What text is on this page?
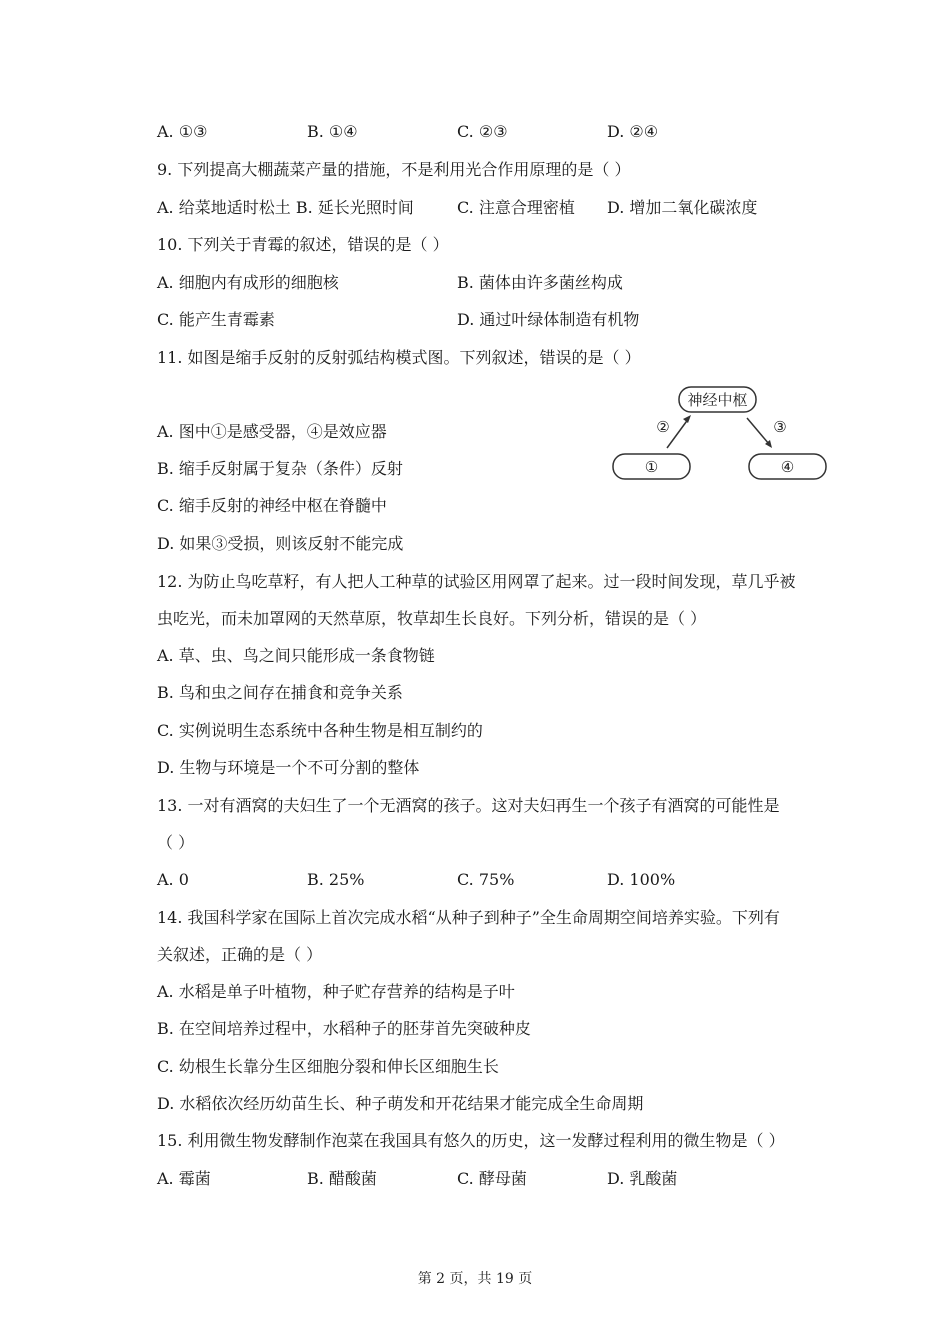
A. ①③	B. ①④	C. ②③	D. ②④
9. 下列提高大棚蔬菜产量的措施，不是利用光合作用原理的是（ ）
A. 给菜地适时松土 B. 延长光照时间	C. 注意合理密植 D. 增加二氧化碳浓度
10. 下列关于青霉的叙述，错误的是（ ）
A. 细胞内有成形的细胞核	B. 菌体由许多菌丝构成
C. 能产生青霉素	D. 通过叶绿体制造有机物
11. 如图是缩手反射的反射弧结构模式图。下列叙述，错误的是（ ）
A. 图中①是感受器，④是效应器
B. 缩手反射属于复杂（条件）反射
C. 缩手反射的神经中枢在脊髓中
D. 如果③受损，则该反射不能完成
神经中枢
①	④
②	③
12. 为防止鸟吃草籽，有人把人工种草的试验区用网罩了起来。过一段时间发现，草几乎被
虫吃光，而未加罩网的天然草原，牧草却生长良好。下列分析，错误的是（ ）
A. 草、虫、鸟之间只能形成一条食物链
B. 鸟和虫之间存在捕食和竞争关系
C. 实例说明生态系统中各种生物是相互制约的
D. 生物与环境是一个不可分割的整体
13. 一对有酒窝的夫妇生了一个无酒窝的孩子。这对夫妇再生一个孩子有酒窝的可能性是
（ ）
A. 0	B. 25%	C. 75%	D. 100%
14. 我国科学家在国际上首次完成水稻“从种子到种子”全生命周期空间培养实验。下列有
关叙述，正确的是（ ）
A. 水稻是单子叶植物，种子贮存营养的结构是子叶
B. 在空间培养过程中，水稻种子的胚芽首先突破种皮
C. 幼根生长靠分生区细胞分裂和伸长区细胞生长
D. 水稻依次经历幼苗生长、种子萌发和开花结果才能完成全生命周期
15. 利用微生物发酵制作泡菜在我国具有悠久的历史，这一发酵过程利用的微生物是（ ）
A. 霉菌	B. 醋酸菌	C. 酵母菌	D. 乳酸菌
第 2 页，共 19 页
